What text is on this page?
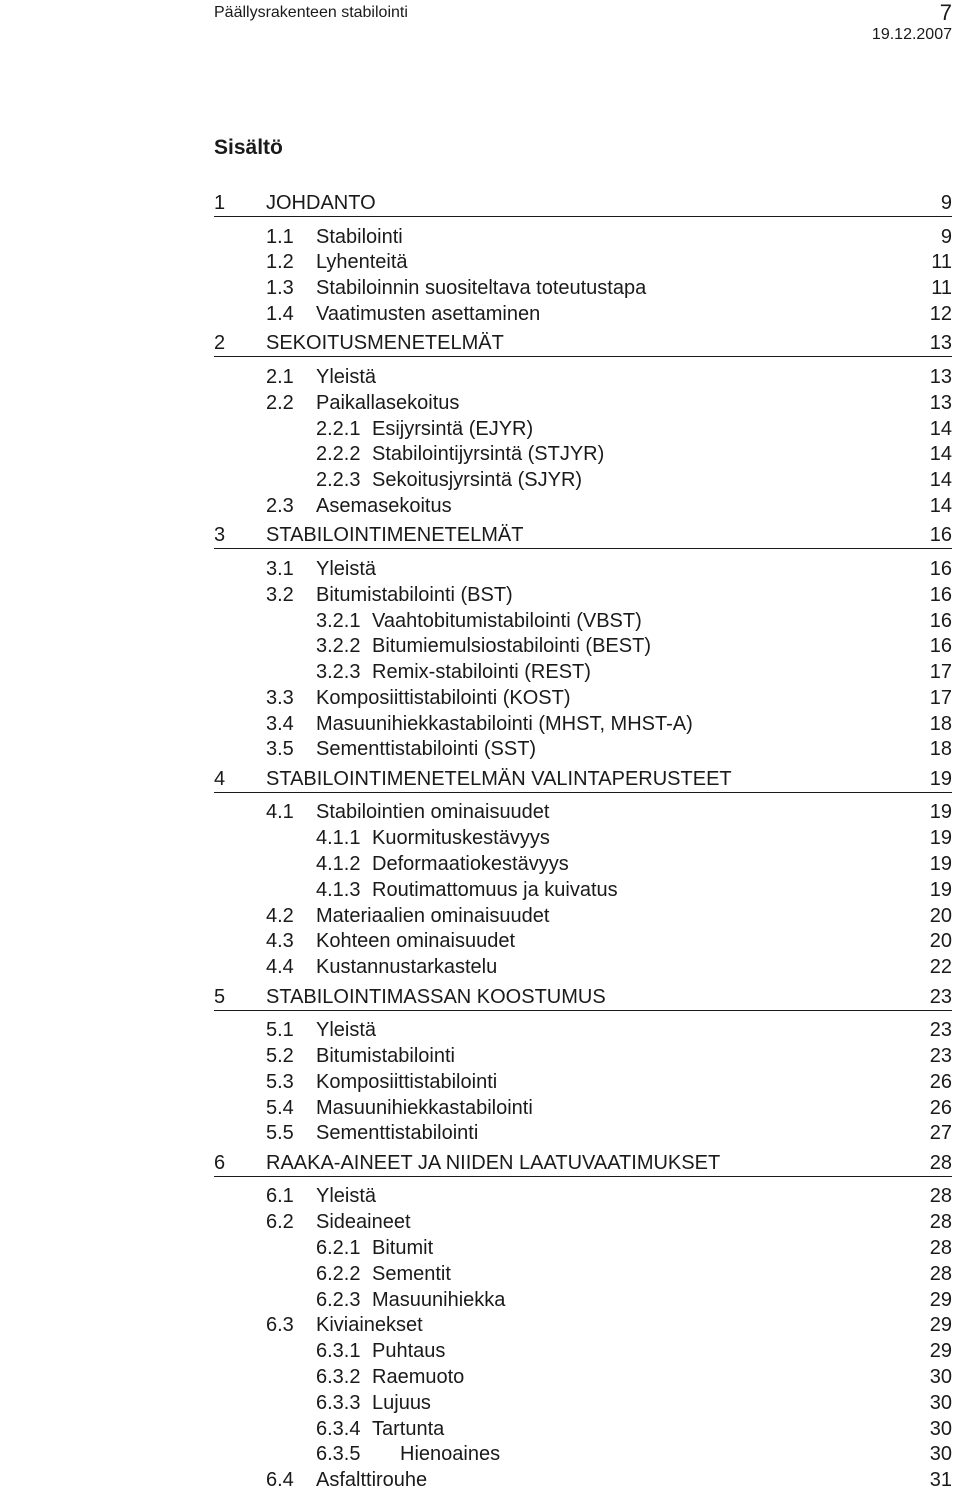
Päällysrakenteen stabilointi	7
19.12.2007
Sisältö
1 JOHDANTO	9
1.1 Stabilointi	9
1.2 Lyhenteitä	11
1.3 Stabiloinnin suositeltava toteutustapa	11
1.4 Vaatimusten asettaminen	12
2 SEKOITUSMENETELMÄT	13
2.1 Yleistä	13
2.2 Paikallasekoitus	13
2.2.1 Esijyrsintä (EJYR)	14
2.2.2 Stabilointijyrsintä (STJYR)	14
2.2.3 Sekoitusjyrsintä (SJYR)	14
2.3 Asemasekoitus	14
3 STABILOINTIMENETELMÄT	16
3.1 Yleistä	16
3.2 Bitumistabilointi (BST)	16
3.2.1 Vaahtobitumistabilointi (VBST)	16
3.2.2 Bitumiemulsiostabilointi (BEST)	16
3.2.3 Remix-stabilointi (REST)	17
3.3 Komposiittistabilointi (KOST)	17
3.4 Masuunihiekkastabilointi (MHST, MHST-A)	18
3.5 Sementtistabilointi (SST)	18
4 STABILOINTIMENETELMÄN VALINTAPERUSTEET	19
4.1 Stabilointien ominaisuudet	19
4.1.1 Kuormituskestävyys	19
4.1.2 Deformaatiokestävyys	19
4.1.3 Routimattomuus ja kuivatus	19
4.2 Materiaalien ominaisuudet	20
4.3 Kohteen ominaisuudet	20
4.4 Kustannustarkastelu	22
5 STABILOINTIMASSAN KOOSTUMUS	23
5.1 Yleistä	23
5.2 Bitumistabilointi	23
5.3 Komposiittistabilointi	26
5.4 Masuunihiekkastabilointi	26
5.5 Sementtistabilointi	27
6 RAAKA-AINEET JA NIIDEN LAATUVAATIMUKSET	28
6.1 Yleistä	28
6.2 Sideaineet	28
6.2.1 Bitumit	28
6.2.2 Sementit	28
6.2.3 Masuunihiekka	29
6.3 Kiviainekset	29
6.3.1 Puhtaus	29
6.3.2 Raemuoto	30
6.3.3 Lujuus	30
6.3.4 Tartunta	30
6.3.5 Hienoaines	30
6.4 Asfalttirouhe	31
